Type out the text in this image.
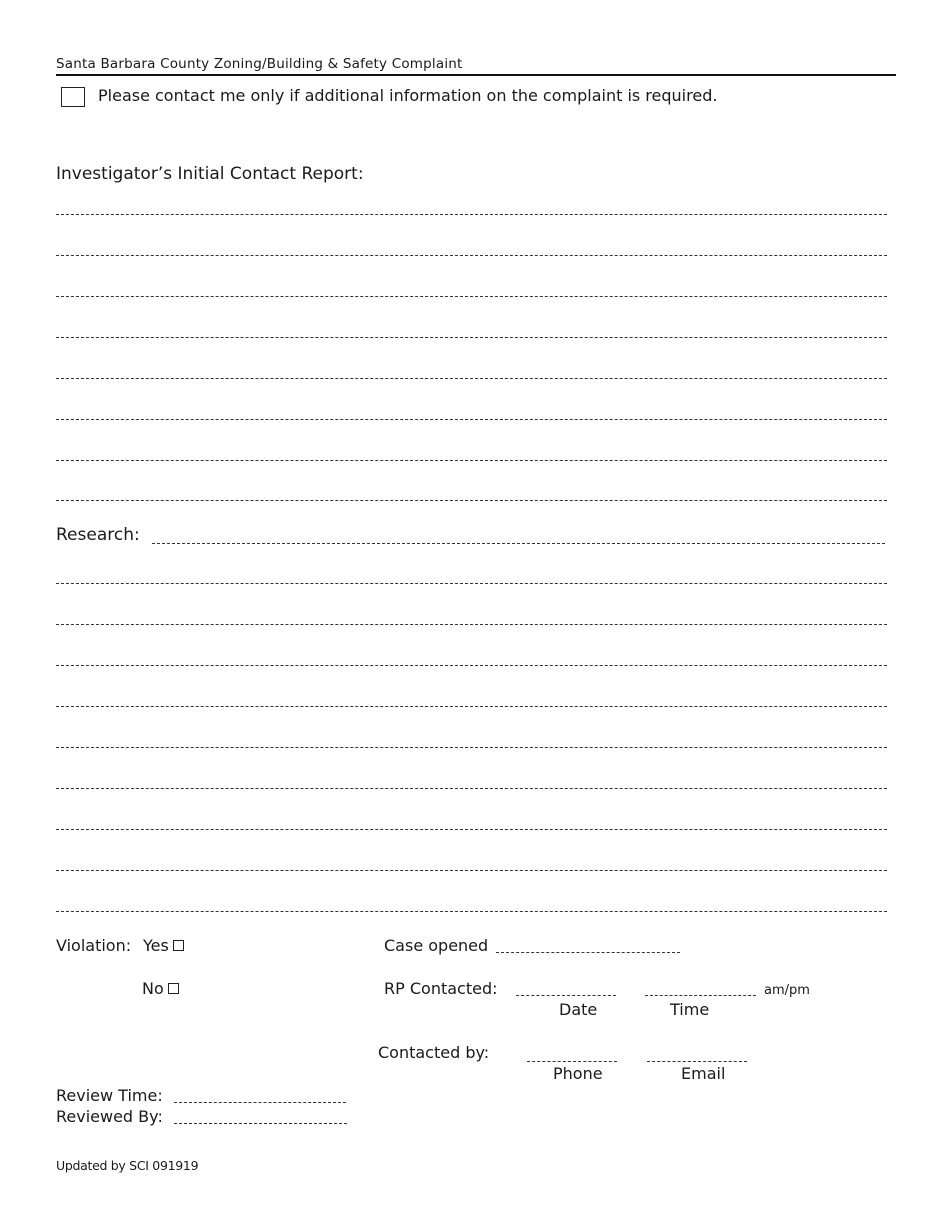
Santa Barbara County Zoning/Building & Safety Complaint
Please contact me only if additional information on the complaint is required.
Investigator’s Initial Contact Report:
Research:
Violation: Yes
No
Case opened
RP Contacted:	am/pm
Date	Time
Contacted by:
Phone	Email
Review Time:
Reviewed By:
Updated by SCI 091919
